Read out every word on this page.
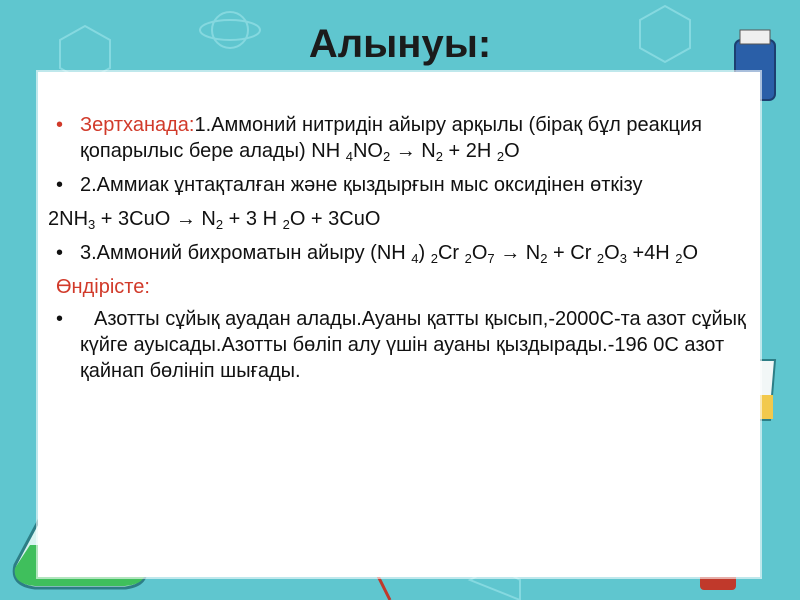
Алынуы:
• Зертханада:1.Аммоний нитридін айыру арқылы (бірақ бұл реакция қопарылыс бере алады) NH $_4NO_2 \to N_2 + 2H$ $_2$O
• 2.Аммиак ұнтақталған және қыздырғын мыс оксидінен өткізу
$2NH_3 + 3CuO \to N_2 + 3$ H $_2$O + 3CuO
• 3.Аммоний бихроматын айыру (NH $_4$) $_2$Cr $_2O_7 \to N_2 + Cr$ $_2O_3 +4H$ $_2$O
Өндірісте:
• Азотты сұйық ауадан алады.Ауаны қатты қысып,-2000С-та азот сұйық күйге ауысады.Азотты бөліп алу үшін ауаны қыздырады.-196 0С азот қайнап бөлініп шығады.
